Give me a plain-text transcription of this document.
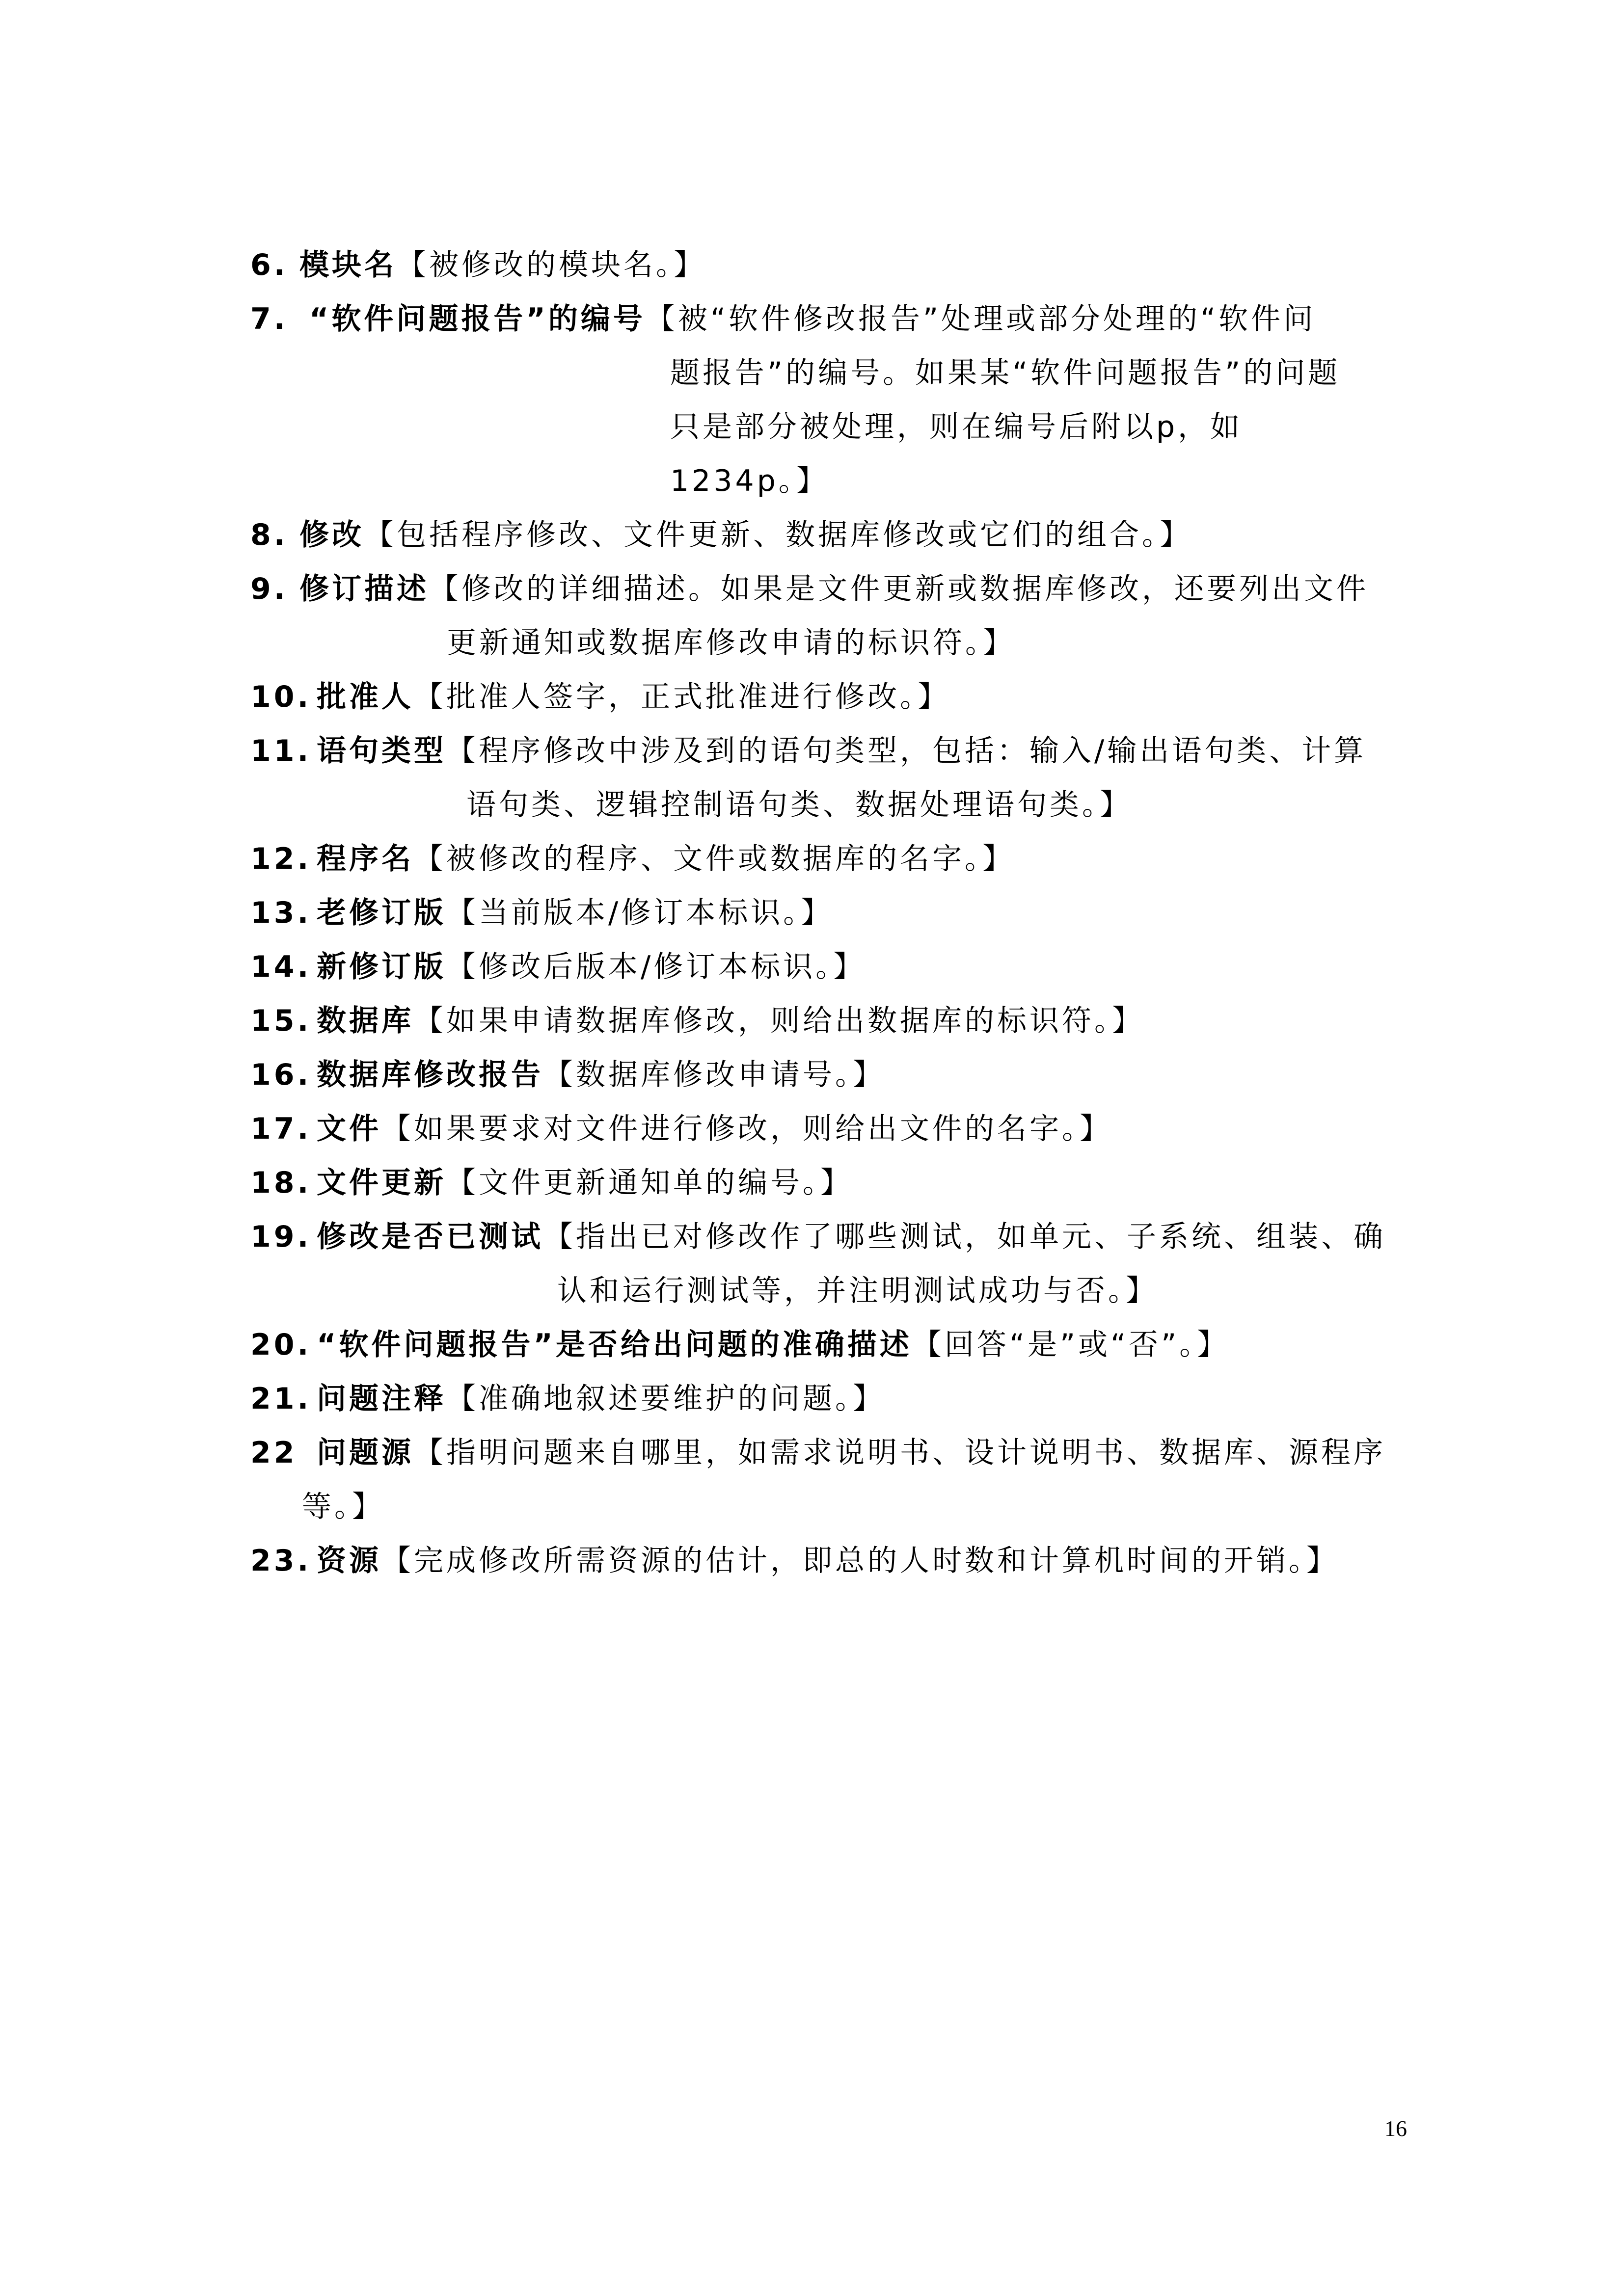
6. 模块名【被修改的模块名。】
7. “软件问题报告”的编号【被“软件修改报告”处理或部分处理的“软件问
题报告”的编号。如果某“软件问题报告”的问题
只是部分被处理，则在编号后附以p，如
1234p。】
8. 修改【包括程序修改、文件更新、数据库修改或它们的组合。】
9. 修订描述【修改的详细描述。如果是文件更新或数据库修改，还要列出文件
更新通知或数据库修改申请的标识符。】
10. 批准人【批准人签字，正式批准进行修改。】
11. 语句类型【程序修改中涉及到的语句类型，包括：输入/输出语句类、计算
语句类、逻辑控制语句类、数据处理语句类。】
12. 程序名【被修改的程序、文件或数据库的名字。】
13. 老修订版【当前版本/修订本标识。】
14. 新修订版【修改后版本/修订本标识。】
15. 数据库【如果申请数据库修改，则给出数据库的标识符。】
16. 数据库修改报告【数据库修改申请号。】
17. 文件【如果要求对文件进行修改，则给出文件的名字。】
18. 文件更新【文件更新通知单的编号。】
19. 修改是否已测试【指出已对修改作了哪些测试，如单元、子系统、组装、确
认和运行测试等，并注明测试成功与否。】
20. “软件问题报告”是否给出问题的准确描述【回答“是”或“否”。】
21. 问题注释【准确地叙述要维护的问题。】
22 问题源【指明问题来自哪里，如需求说明书、设计说明书、数据库、源程序
等。】
23. 资源【完成修改所需资源的估计，即总的人时数和计算机时间的开销。】
16
